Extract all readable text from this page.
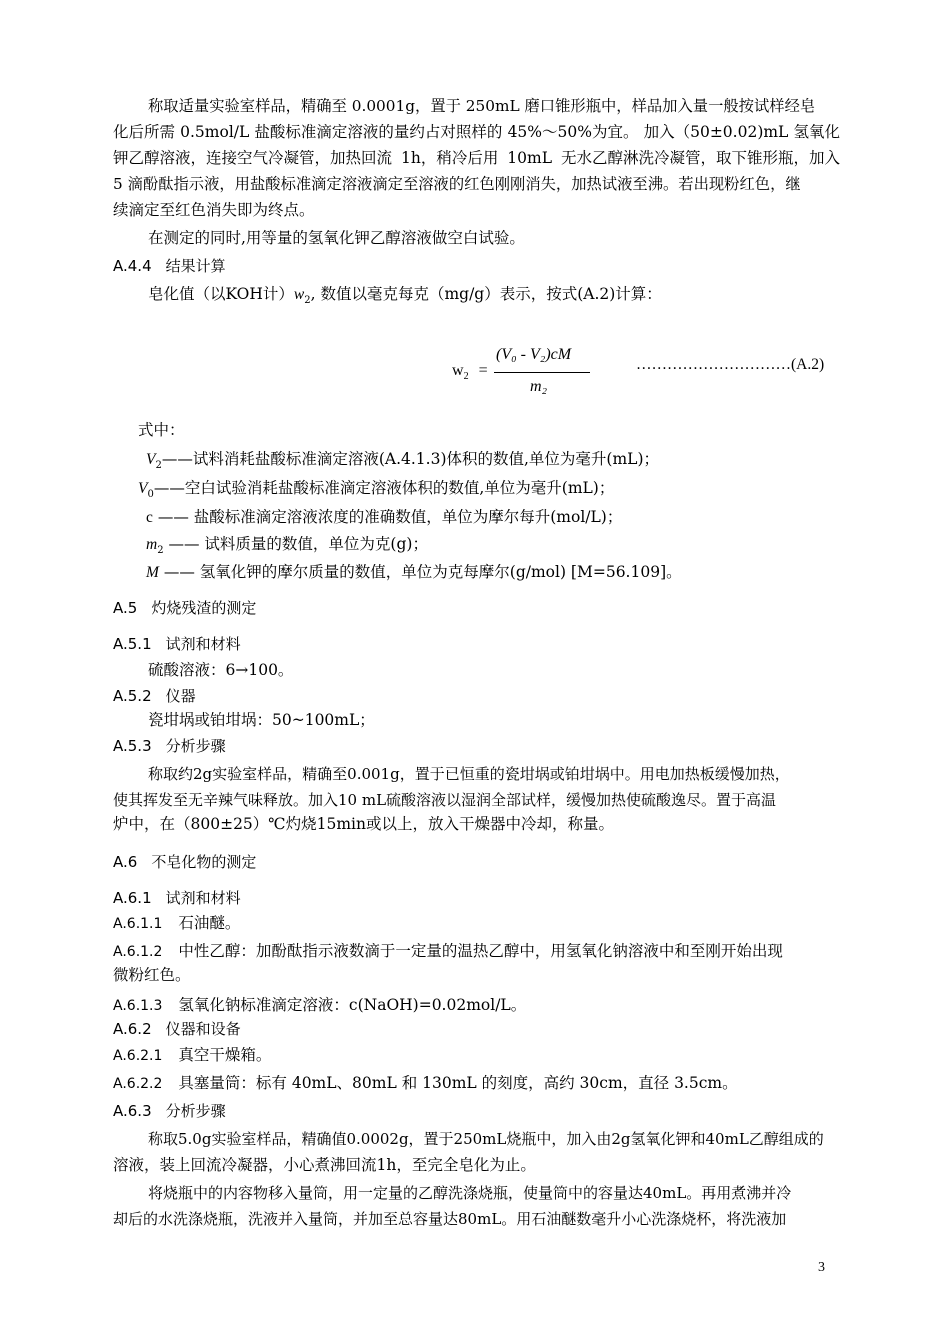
称取适量实验室样品，精确至 0.0001g，置于 250mL 磨口锥形瓶中，样品加入量一般按试样经皂
化后所需 0.5mol/L 盐酸标准滴定溶液的量约占对照样的 45%～50%为宜。 加入（50±0.02)mL 氢氧化
钾乙醇溶液，连接空气冷凝管，加热回流 1h，稍冷后用 10mL 无水乙醇淋洗冷凝管，取下锥形瓶，加入
5 滴酚酞指示液，用盐酸标准滴定溶液滴定至溶液的红色刚刚消失，加热试液至沸。若出现粉红色，继
续滴定至红色消失即为终点。
在测定的同时,用等量的氢氧化钾乙醇溶液做空白试验。
A.4.4 结果计算
皂化值（以KOH计）$w_2$, 数值以毫克每克（mg/g）表示，按式(A.2)计算：
$w_2$ =
(V₀ - V₂)cM
m₂
…………………………(A.2)
式中：
$V_2——$试料消耗盐酸标准滴定溶液(A.4.1.3)体积的数值,单位为毫升(mL)；
$V_0——$空白试验消耗盐酸标准滴定溶液体积的数值,单位为毫升(mL)；
c —— 盐酸标准滴定溶液浓度的准确数值，单位为摩尔每升(mol/L)；
$m_2$ —— 试料质量的数值，单位为克(g)；
M —— 氢氧化钾的摩尔质量的数值，单位为克每摩尔(g/mol) [M=56.109]。
A.5 灼烧残渣的测定
A.5.1 试剂和材料
硫酸溶液：6→100。
A.5.2 仪器
瓷坩埚或铂坩埚：50~100mL；
A.5.3 分析步骤
称取约2g实验室样品，精确至0.001g，置于已恒重的瓷坩埚或铂坩埚中。用电加热板缓慢加热，
使其挥发至无辛辣气味释放。加入10 mL硫酸溶液以湿润全部试样，缓慢加热使硫酸逸尽。置于高温
炉中，在（800±25）℃灼烧15min或以上，放入干燥器中冷却，称量。
A.6 不皂化物的测定
A.6.1 试剂和材料
A.6.1.1 石油醚。
A.6.1.2 中性乙醇：加酚酞指示液数滴于一定量的温热乙醇中，用氢氧化钠溶液中和至刚开始出现
微粉红色。
A.6.1.3 氢氧化钠标准滴定溶液：c(NaOH)=0.02mol/L。
A.6.2 仪器和设备
A.6.2.1 真空干燥箱。
A.6.2.2 具塞量筒：标有 40mL、80mL 和 130mL 的刻度，高约 30cm，直径 3.5cm。
A.6.3 分析步骤
称取5.0g实验室样品，精确值0.0002g，置于250mL烧瓶中，加入由2g氢氧化钾和40mL乙醇组成的
溶液，装上回流冷凝器，小心煮沸回流1h，至完全皂化为止。
将烧瓶中的内容物移入量筒，用一定量的乙醇洗涤烧瓶，使量筒中的容量达40mL。再用煮沸并冷
却后的水洗涤烧瓶，洗液并入量筒，并加至总容量达80mL。用石油醚数毫升小心洗涤烧杯，将洗液加
3
